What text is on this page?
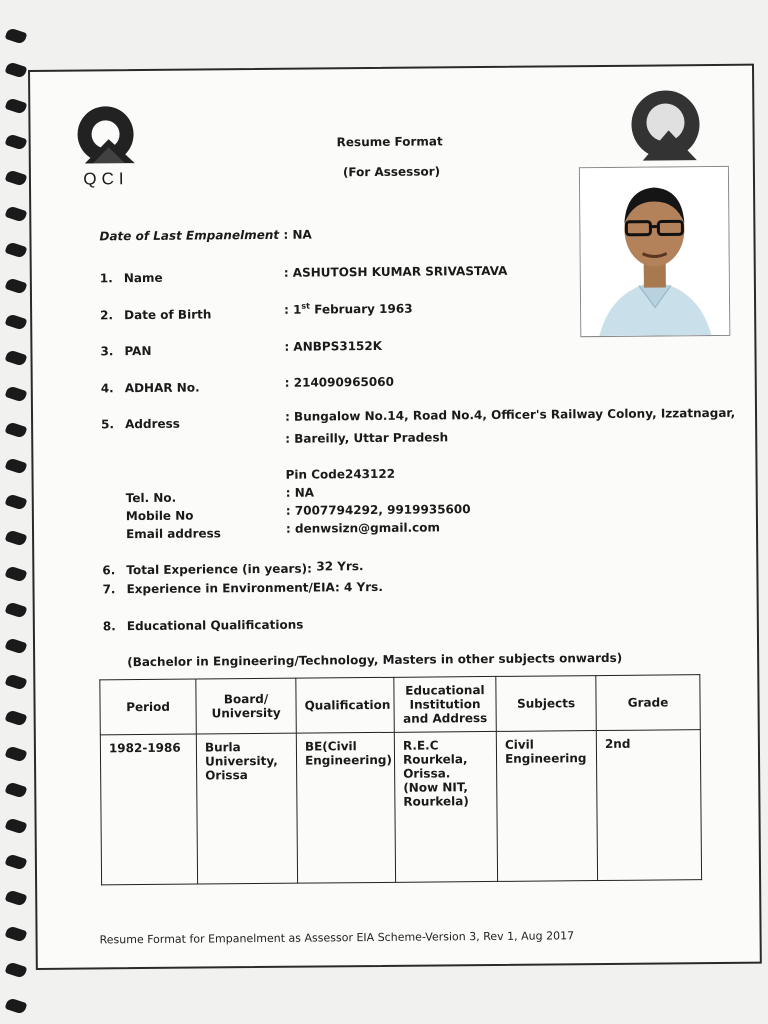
QCI
Resume Format
(For Assessor)
Date of Last Empanelment : NA
1. Name	: ASHUTOSH KUMAR SRIVASTAVA
2. Date of Birth	: 1st February 1963
3. PAN	: ANBPS3152K
4. ADHAR No.	: 214090965060
5. Address
: Bungalow No.14, Road No.4, Officer's Railway Colony, Izzatnagar,
: Bareilly, Uttar Pradesh
Pin Code243122
Tel. No.	: NA
Mobile No	: 7007794292, 9919935600
Email address	: denwsizn@gmail.com
6. Total Experience (in years): 32 Yrs.
7. Experience in Environment/EIA: 4 Yrs.
8. Educational Qualifications
(Bachelor in Engineering/Technology, Masters in other subjects onwards)
Period	Board/ University	Qualification	Educational Institution and Address	Subjects	Grade
1982-1986	Burla University, Orissa	BE(Civil Engineering)	R.E.C Rourkela, Orissa. (Now NIT, Rourkela)	Civil Engineering	2nd
Resume Format for Empanelment as Assessor EIA Scheme-Version 3, Rev 1, Aug 2017
